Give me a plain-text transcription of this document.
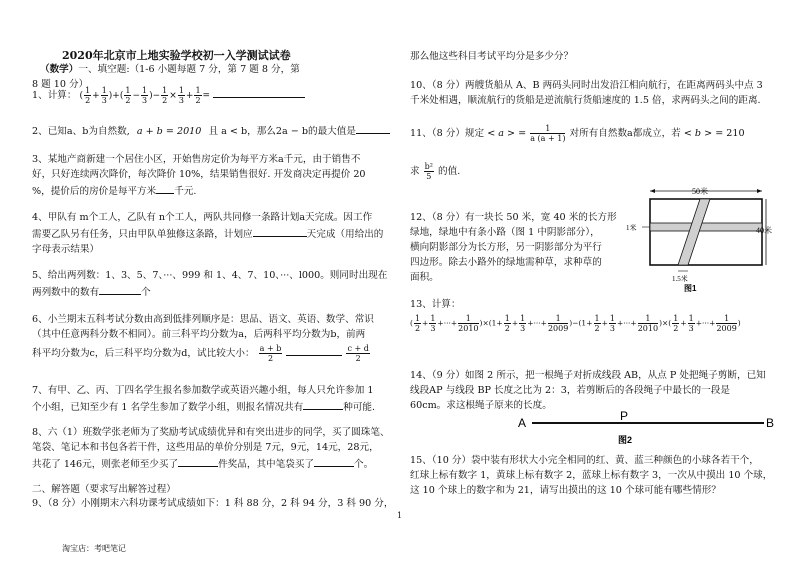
2020年北京市上地实验学校初一入学测试试卷
（数学）一、填空题:（1-6 小题每题 7 分，第 7 题 8 分，第
8 题 10 分）
1、计算： ( $\frac{1}{2} + \frac{1}{3}$ )+( $\frac{1}{2} - \frac{1}{3}$ )− $\frac{1}{2} \times \frac{1}{3} + \frac{1}{2}$ =
2、已知a、b为自然数, a + b = 2010 且 a < b，那么2a − b的最大值是
3、某地产商新建一个居住小区，开始售房定价为每平方米a千元，由于销售不
好，只好连续两次降价，每次降价 10%，结果销售很好. 开发商决定再提价 20
%，提价后的房价是每平方米 千元.
4、甲队有 m个工人，乙队有 n个工人，两队共同修一条路计划a天完成。因工作
需要乙队另有任务，只由甲队单独修这条路，计划应	天完成（用给出的
字母表示结果）
5、给出两列数：1、3、5、7、···、999 和 1、4、7、10、···、l000。则同时出现在
两列数中的数有	个
6、小兰期末五科考试分数由高到低排列顺序是：思品、语文、英语、数学、常识
（其中任意两科分数不相同）。前三科平均分数为a，后两科平均分数为b，前两
科平均分数为c，后三科平均分数为d，试比较大小： $\frac{a + b}{2}$
	$\frac{c + d}{2}$
7、有甲、乙、丙、丁四名学生报名参加数学或英语兴趣小组，每人只允许参加 1
个小组，已知至少有 1 名学生参加了数学小组，则报名情况共有	种可能.
8、六（1）班数学张老师为了奖励考试成绩优异和有突出进步的同学，买了圆珠笔、
笔袋、笔记本和书包各若干件，这些用品的单价分别是 7元，9元，14元，28元，
共花了 146元，则张老师至少买了	件奖品，其中笔袋买了	个。
二、解答题（要求写出解答过程）
9、（8 分）小刚期末六科功课考试成绩如下：1 科 88 分，2 科 94 分，3 科 90 分，
那么他这些科目考试平均分是多少分？
10、（8 分）两艘货船从 A、B 两码头同时出发沿江相向航行，在距离两码头中点 3
千米处相遇，顺流航行的货船是逆流航行货船速度的 1.5 倍，求两码头之间的距离.
11、（8 分）规定 < a > = $\frac{1}{a (a + 1)}$ 对所有自然数a都成立，若 < b > = 210
求 $\frac{\text{b²}}{5}$ 的值.
12、（8 分）有一块长 50 米，宽 40 米的长方形
绿地，绿地中有条小路（图 1 中阴影部分），
横向阴影部分为长方形，另一阴影部分为平行
四边形。除去小路外的绿地需种草，求种草的
面积。
13、计算：
( $\frac{1}{2} + \frac{1}{3}$ +···+ $\frac{1}{2010} )\times(1+ \frac{1}{2} + \frac{1}{3}$ +···+ $\frac{1}{2009} )-(1+ \frac{1}{2} + \frac{1}{3}$ +···+ $\frac{1}{2010}$ )×( $\frac{1}{2} + \frac{1}{3}$ +···+ $\frac{1}{2009}$ )
14、（9 分）如图 2 所示，把一根绳子对折成线段 AB，从点 P 处把绳子剪断，已知
线段AP 与线段 BP 长度之比为 2：3，若剪断后的各段绳子中最长的一段是
60cm。求这根绳子原来的长度。
15、（10 分）袋中装有形状大小完全相同的红、黄、蓝三种颜色的小球各若干个，
红球上标有数字 1，黄球上标有数字 2，蓝球上标有数字 3，一次从中摸出 10 个球，
这 10 个球上的数字和为 21，请写出摸出的这 10 个球可能有哪些情形？
50米
40米
1米
1.5米
图1
A	P	B
图2
1
淘宝店：考吧笔记
